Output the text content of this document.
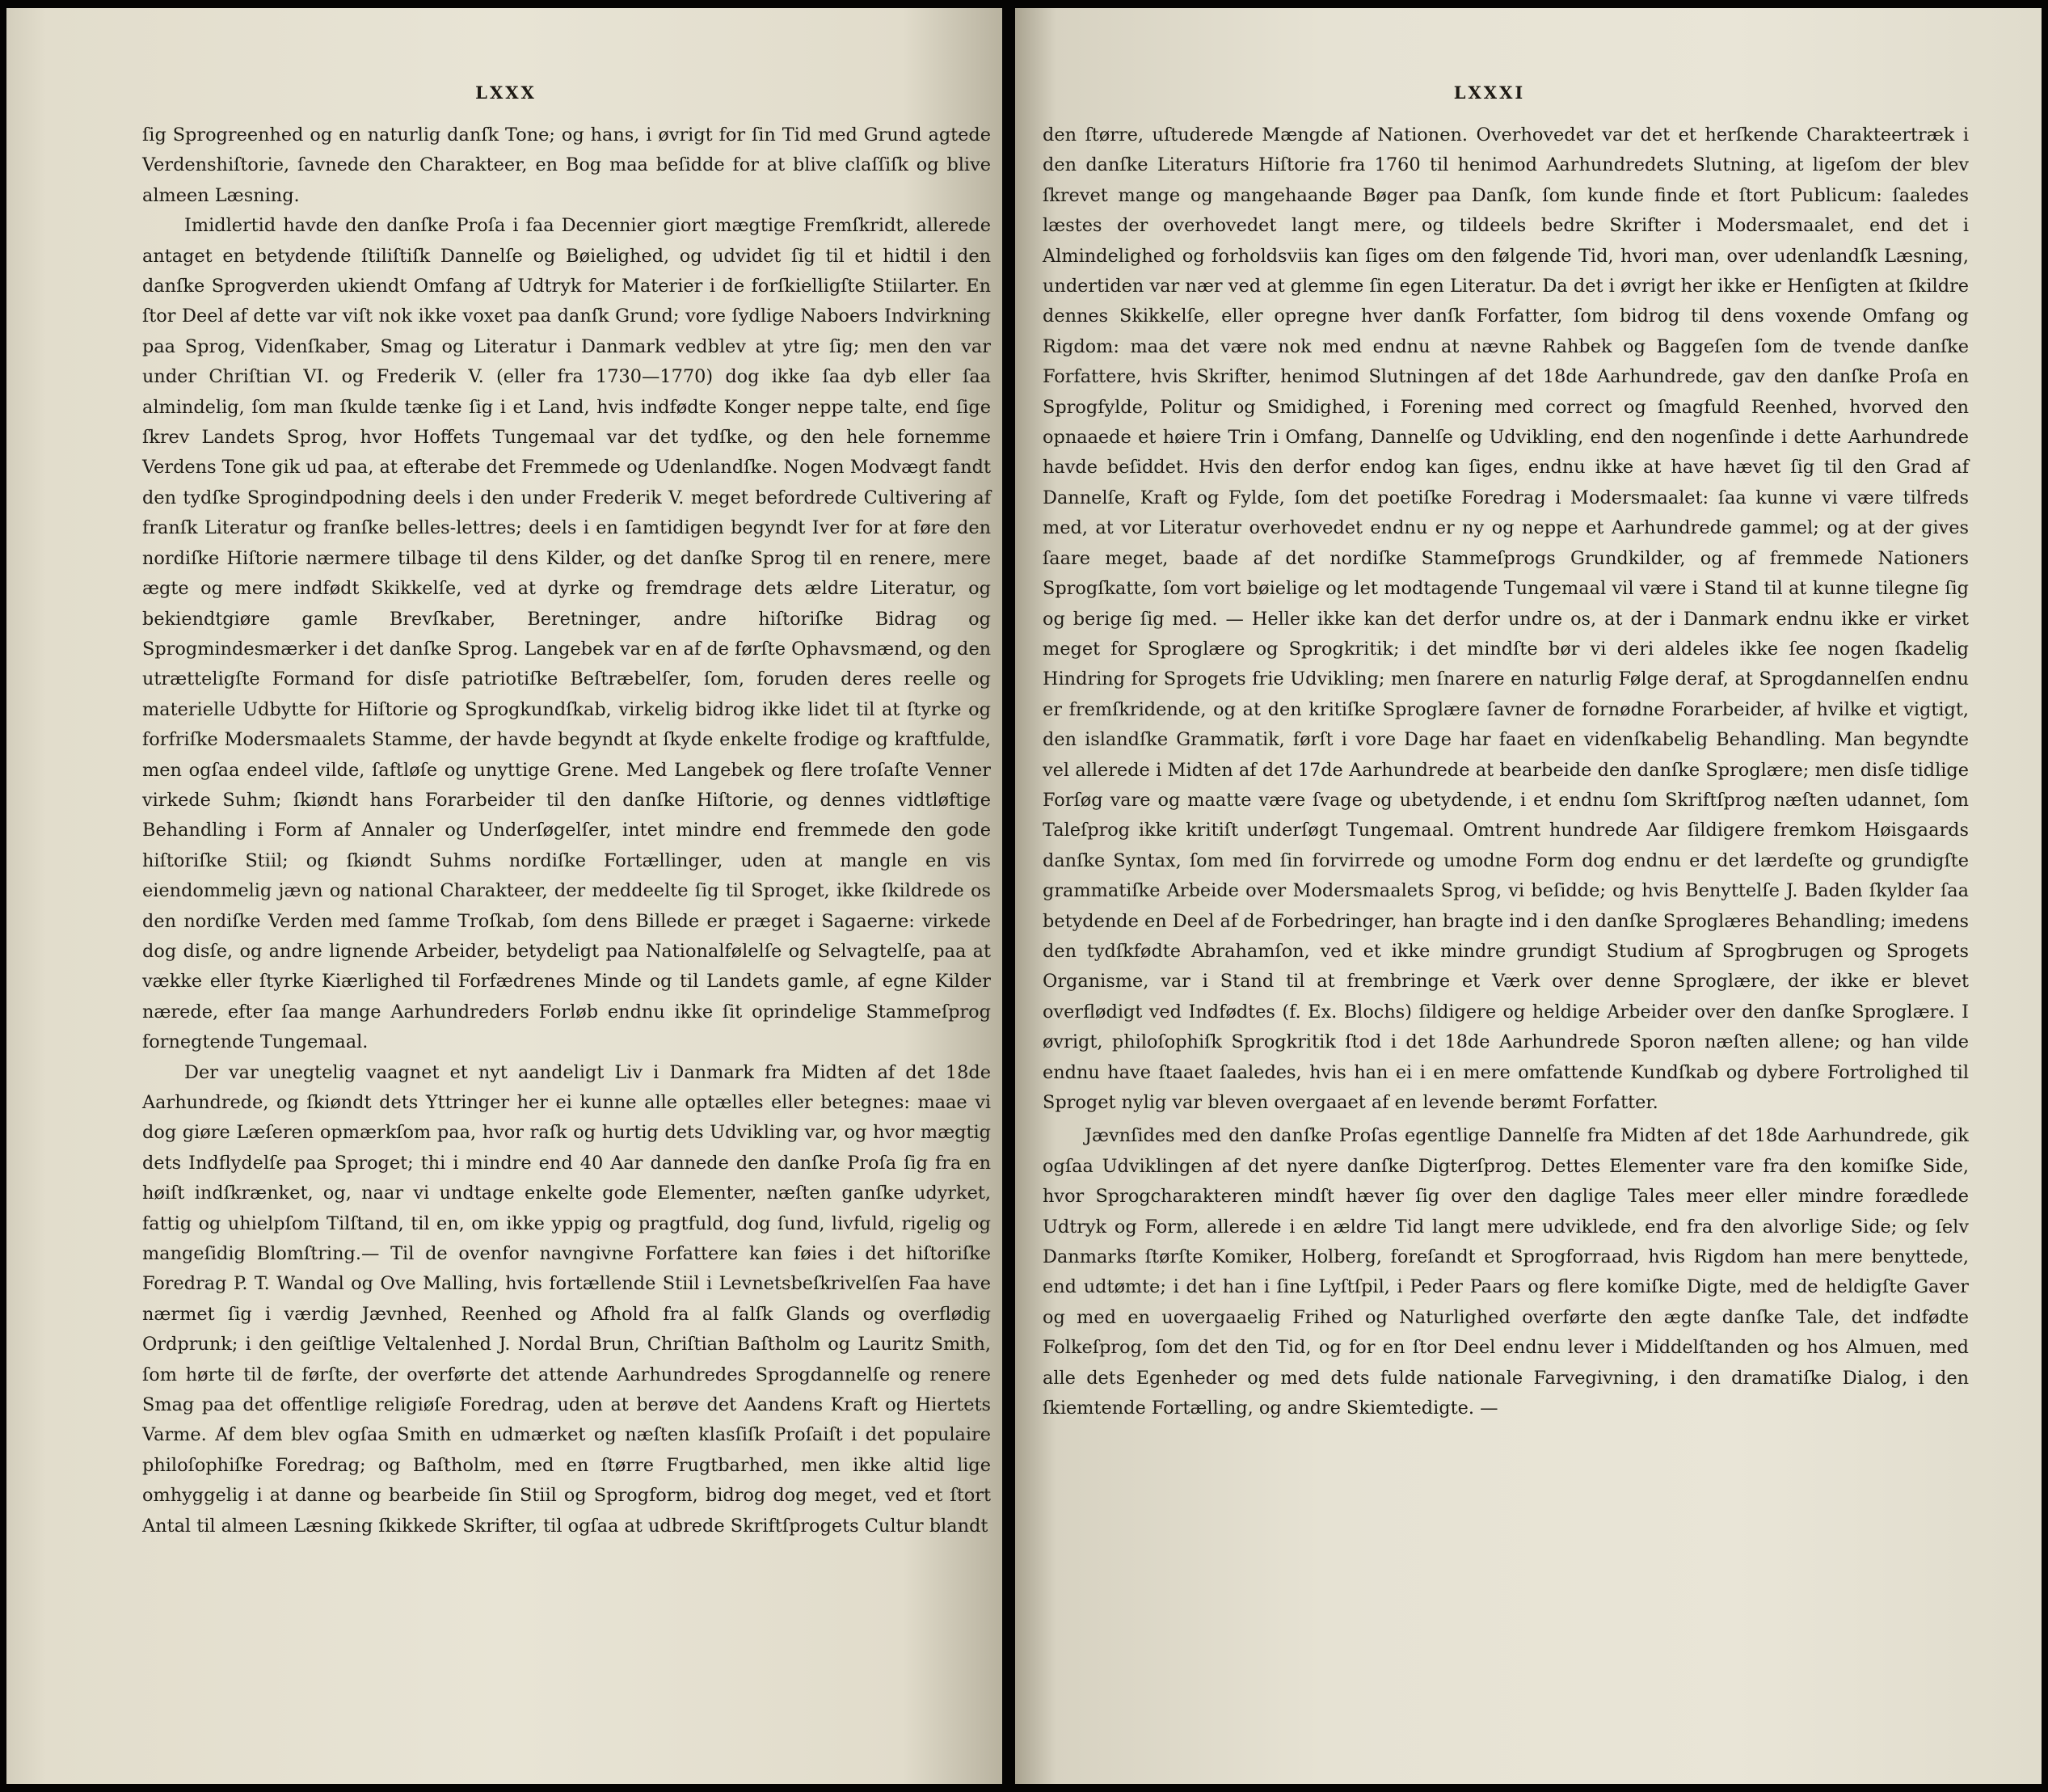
LXXX

ſig Sprogreenhed og en naturlig danſk Tone; og hans, i øvrigt for ſin Tid med Grund agtede Verdenshiſtorie, ſavnede den Charakteer, en Bog maa beſidde for at blive claſſiſk og blive almeen Læsning.

Imidlertid havde den danſke Proſa i faa Decennier giort mægtige Fremſkridt, allerede antaget en betydende ſtiliſtiſk Dannelſe og Bøielighed, og udvidet ſig til et hidtil i den danſke Sprogverden ukiendt Omfang af Udtryk for Materier i de forſkielligſte Stiilarter. En ſtor Deel af dette var viſt nok ikke voxet paa danſk Grund; vore ſydlige Naboers Indvirkning paa Sprog, Videnſkaber, Smag og Literatur i Danmark vedblev at ytre ſig; men den var under Chriſtian VI. og Frederik V. (eller fra 1730—1770) dog ikke ſaa dyb eller ſaa almindelig, ſom man ſkulde tænke ſig i et Land, hvis indfødte Konger neppe talte, end ſige ſkrev Landets Sprog, hvor Hoffets Tungemaal var det tydſke, og den hele fornemme Verdens Tone gik ud paa, at efterabe det Fremmede og Udenlandſke. Nogen Modvægt fandt den tydſke Sprogindpodning deels i den under Frederik V. meget befordrede Cultivering af franſk Literatur og franſke belles-lettres; deels i en ſamtidigen begyndt Iver for at føre den nordiſke Hiſtorie nærmere tilbage til dens Kilder, og det danſke Sprog til en renere, mere ægte og mere indfødt Skikkelſe, ved at dyrke og fremdrage dets ældre Literatur, og bekiendtgiøre gamle Brevſkaber, Beretninger, andre hiſtoriſke Bidrag og Sprogmindesmærker i det danſke Sprog. Langebek var en af de førſte Ophavsmænd, og den utrætteligſte Formand for disſe patriotiſke Beſtræbelſer, ſom, foruden deres reelle og materielle Udbytte for Hiſtorie og Sprogkundſkab, virkelig bidrog ikke lidet til at ſtyrke og forfriſke Modersmaalets Stamme, der havde begyndt at ſkyde enkelte frodige og kraftfulde, men ogſaa endeel vilde, ſaftløſe og unyttige Grene. Med Langebek og flere troſaſte Venner virkede Suhm; ſkiøndt hans Forarbeider til den danſke Hiſtorie, og dennes vidtløftige Behandling i Form af Annaler og Underſøgelſer, intet mindre end fremmede den gode hiſtoriſke Stiil; og ſkiøndt Suhms nordiſke Fortællinger, uden at mangle en vis eiendommelig jævn og national Charakteer, der meddeelte ſig til Sproget, ikke ſkildrede os den nordiſke Verden med ſamme Troſkab, ſom dens Billede er præget i Sagaerne: virkede dog disſe, og andre lignende Arbeider, betydeligt paa Nationalfølelſe og Selvagtelſe, paa at vække eller ſtyrke Kiærlighed til Forfædrenes Minde og til Landets gamle, af egne Kilder nærede, efter ſaa mange Aarhundreders Forløb endnu ikke ſit oprindelige Stammeſprog fornegtende Tungemaal.

Der var unegtelig vaagnet et nyt aandeligt Liv i Danmark fra Midten af det 18de Aarhundrede, og ſkiøndt dets Yttringer her ei kunne alle optælles eller betegnes: maae vi dog giøre Læſeren opmærkſom paa, hvor raſk og hurtig dets Udvikling var, og hvor mægtig dets Indflydelſe paa Sproget; thi i mindre end 40 Aar dannede den danſke Proſa ſig fra en høiſt indſkrænket, og, naar vi undtage enkelte gode Elementer, næſten ganſke udyrket, fattig og uhielpſom Tilſtand, til en, om ikke yppig og pragtfuld, dog ſund, livfuld, rigelig og mangeſidig Blomſtring.— Til de ovenfor navngivne Forfattere kan føies i det hiſtoriſke Foredrag P. T. Wandal og Ove Malling, hvis fortællende Stiil i Levnetsbeſkrivelſen Faa have nærmet ſig i værdig Jævnhed, Reenhed og Afhold fra al falſk Glands og overflødig Ordprunk; i den geiſtlige Veltalenhed J. Nordal Brun, Chriſtian Baſtholm og Lauritz Smith, ſom hørte til de førſte, der overførte det attende Aarhundredes Sprogdannelſe og renere Smag paa det offentlige religiøſe Foredrag, uden at berøve det Aandens Kraft og Hiertets Varme. Af dem blev ogſaa Smith en udmærket og næſten klasſiſk Proſaiſt i det populaire philoſophiſke Foredrag; og Baſtholm, med en ſtørre Frugtbarhed, men ikke altid lige omhyggelig i at danne og bearbeide ſin Stiil og Sprogform, bidrog dog meget, ved et ſtort Antal til almeen Læsning ſkikkede Skrifter, til ogſaa at udbrede Skriftſprogets Cultur blandt

LXXXI

den ſtørre, uſtuderede Mængde af Nationen. Overhovedet var det et herſkende Charakteertræk i den danſke Literaturs Hiſtorie fra 1760 til henimod Aarhundredets Slutning, at ligeſom der blev ſkrevet mange og mangehaande Bøger paa Danſk, ſom kunde finde et ſtort Publicum: ſaaledes læstes der overhovedet langt mere, og tildeels bedre Skrifter i Modersmaalet, end det i Almindelighed og forholdsviis kan ſiges om den følgende Tid, hvori man, over udenlandſk Læsning, undertiden var nær ved at glemme ſin egen Literatur. Da det i øvrigt her ikke er Henſigten at ſkildre dennes Skikkelſe, eller opregne hver danſk Forfatter, ſom bidrog til dens voxende Omfang og Rigdom: maa det være nok med endnu at nævne Rahbek og Baggeſen ſom de tvende danſke Forfattere, hvis Skrifter, henimod Slutningen af det 18de Aarhundrede, gav den danſke Proſa en Sprogfylde, Politur og Smidighed, i Forening med correct og ſmagfuld Reenhed, hvorved den opnaaede et høiere Trin i Omfang, Dannelſe og Udvikling, end den nogenſinde i dette Aarhundrede havde beſiddet. Hvis den derfor endog kan ſiges, endnu ikke at have hævet ſig til den Grad af Dannelſe, Kraft og Fylde, ſom det poetiſke Foredrag i Modersmaalet: ſaa kunne vi være tilfreds med, at vor Literatur overhovedet endnu er ny og neppe et Aarhundrede gammel; og at der gives ſaare meget, baade af det nordiſke Stammeſprogs Grundkilder, og af fremmede Nationers Sprogſkatte, ſom vort bøielige og let modtagende Tungemaal vil være i Stand til at kunne tilegne ſig og berige ſig med. — Heller ikke kan det derfor undre os, at der i Danmark endnu ikke er virket meget for Sproglære og Sprogkritik; i det mindſte bør vi deri aldeles ikke ſee nogen ſkadelig Hindring for Sprogets frie Udvikling; men ſnarere en naturlig Følge deraf, at Sprogdannelſen endnu er fremſkridende, og at den kritiſke Sproglære ſavner de fornødne Forarbeider, af hvilke et vigtigt, den islandſke Grammatik, førſt i vore Dage har faaet en videnſkabelig Behandling. Man begyndte vel allerede i Midten af det 17de Aarhundrede at bearbeide den danſke Sproglære; men disſe tidlige Forſøg vare og maatte være ſvage og ubetydende, i et endnu ſom Skriftſprog næſten udannet, ſom Taleſprog ikke kritiſt underſøgt Tungemaal. Omtrent hundrede Aar ſildigere fremkom Høisgaards danſke Syntax, ſom med ſin forvirrede og umodne Form dog endnu er det lærdeſte og grundigſte grammatiſke Arbeide over Modersmaalets Sprog, vi beſidde; og hvis Benyttelſe J. Baden ſkylder ſaa betydende en Deel af de Forbedringer, han bragte ind i den danſke Sproglæres Behandling; imedens den tydſkfødte Abrahamſon, ved et ikke mindre grundigt Studium af Sprogbrugen og Sprogets Organisme, var i Stand til at frembringe et Værk over denne Sproglære, der ikke er blevet overflødigt ved Indfødtes (f. Ex. Blochs) ſildigere og heldige Arbeider over den danſke Sproglære. I øvrigt, philoſophiſk Sprogkritik ſtod i det 18de Aarhundrede Sporon næſten allene; og han vilde endnu have ſtaaet ſaaledes, hvis han ei i en mere omfattende Kundſkab og dybere Fortrolighed til Sproget nylig var bleven overgaaet af en levende berømt Forfatter.

Jævnſides med den danſke Proſas egentlige Dannelſe fra Midten af det 18de Aarhundrede, gik ogſaa Udviklingen af det nyere danſke Digterſprog. Dettes Elementer vare fra den komiſke Side, hvor Sprogcharakteren mindſt hæver ſig over den daglige Tales meer eller mindre forædlede Udtryk og Form, allerede i en ældre Tid langt mere udviklede, end fra den alvorlige Side; og ſelv Danmarks ſtørſte Komiker, Holberg, foreſandt et Sprogforraad, hvis Rigdom han mere benyttede, end udtømte; i det han i ſine Lyſtſpil, i Peder Paars og flere komiſke Digte, med de heldigſte Gaver og med en uovergaaelig Frihed og Naturlighed overførte den ægte danſke Tale, det indfødte Folkeſprog, ſom det den Tid, og for en ſtor Deel endnu lever i Middelſtanden og hos Almuen, med alle dets Egenheder og med dets fulde nationale Farvegivning, i den dramatiſke Dialog, i den ſkiemtende Fortælling, og andre Skiemtedigte. —
